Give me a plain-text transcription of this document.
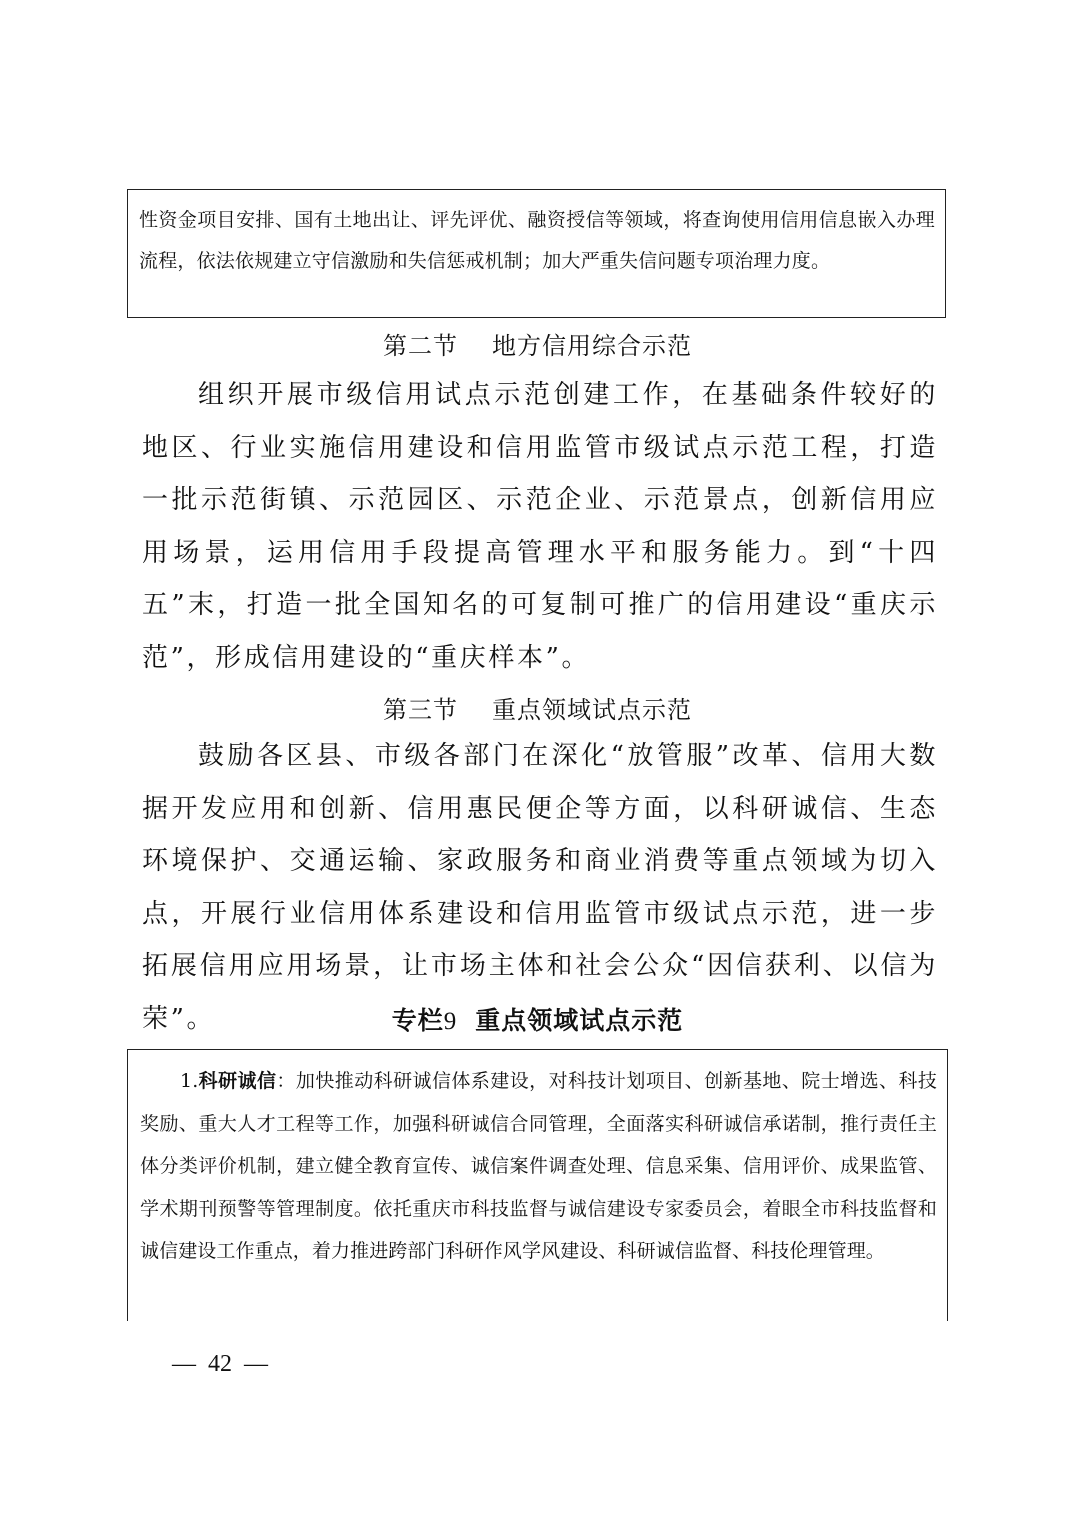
性资金项目安排、国有土地出让、评先评优、融资授信等领域，将查询使用信用信息嵌入办理流程，依法依规建立守信激励和失信惩戒机制；加大严重失信问题专项治理力度。
第二节 地方信用综合示范
组织开展市级信用试点示范创建工作，在基础条件较好的地区、行业实施信用建设和信用监管市级试点示范工程，打造一批示范街镇、示范园区、示范企业、示范景点，创新信用应用场景，运用信用手段提高管理水平和服务能力。到“十四五”末，打造一批全国知名的可复制可推广的信用建设“重庆示范”，形成信用建设的“重庆样本”。
第三节 重点领域试点示范
鼓励各区县、市级各部门在深化“放管服”改革、信用大数据开发应用和创新、信用惠民便企等方面，以科研诚信、生态环境保护、交通运输、家政服务和商业消费等重点领域为切入点，开展行业信用体系建设和信用监管市级试点示范，进一步拓展信用应用场景，让市场主体和社会公众“因信获利、以信为荣”。	专栏9 重点领域试点示范

1.科研诚信：加快推动科研诚信体系建设，对科技计划项目、创新基地、院士增选、科技奖励、重大人才工程等工作，加强科研诚信合同管理，全面落实科研诚信承诺制，推行责任主体分类评价机制，建立健全教育宣传、诚信案件调查处理、信息采集、信用评价、成果监管、学术期刊预警等管理制度。依托重庆市科技监督与诚信建设专家委员会，着眼全市科技监督和诚信建设工作重点，着力推进跨部门科研作风学风建设、科研诚信监督、科技伦理管理。

—  42  —
